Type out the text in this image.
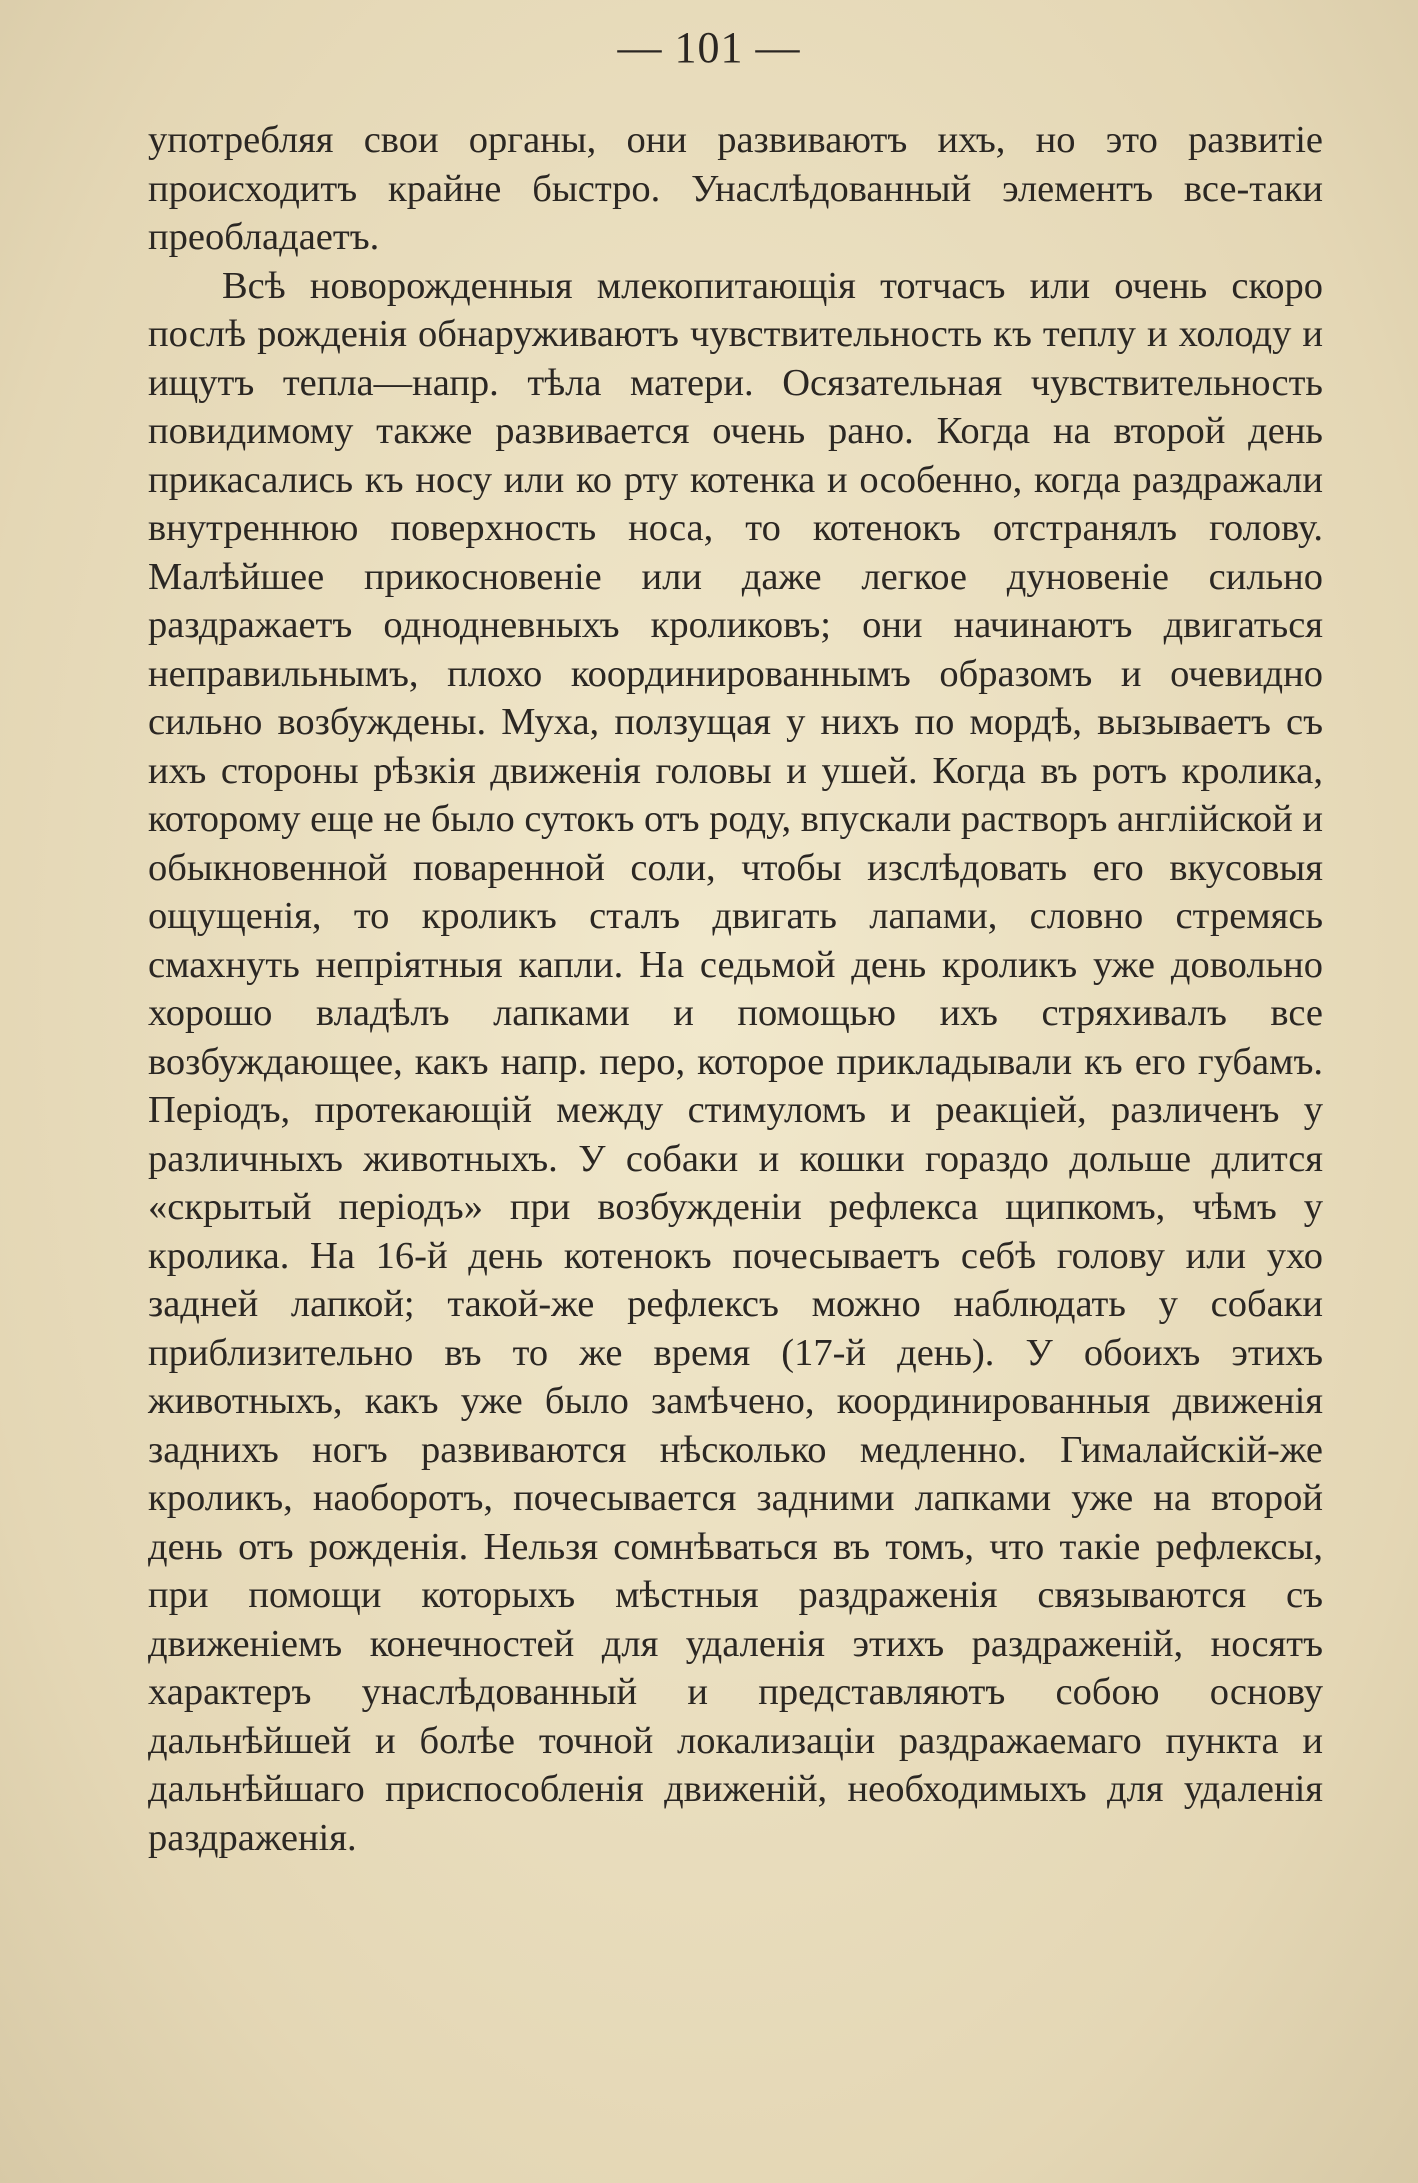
— 101 —

употребляя свои органы, они развиваютъ ихъ, но это развитіе происходитъ крайне быстро. Унаслѣдованный элементъ все-таки преобладаетъ.

Всѣ новорожденныя млекопитающія тотчасъ или очень скоро послѣ рожденія обнаруживаютъ чувствительность къ теплу и холоду и ищутъ тепла—напр. тѣла матери. Осязательная чувствительность повидимому также развивается очень рано. Когда на второй день прикасались къ носу или ко рту котенка и особенно, когда раздражали внутреннюю поверхность носа, то котенокъ отстранялъ голову. Малѣйшее прикосновеніе или даже легкое дуновеніе сильно раздражаетъ однодневныхъ кроликовъ; они начинаютъ двигаться неправильнымъ, плохо координированнымъ образомъ и очевидно сильно возбуждены. Муха, ползущая у нихъ по мордѣ, вызываетъ съ ихъ стороны рѣзкія движенія головы и ушей. Когда въ ротъ кролика, которому еще не было сутокъ отъ роду, впускали растворъ англійской и обыкновенной поваренной соли, чтобы изслѣдовать его вкусовыя ощущенія, то кроликъ сталъ двигать лапами, словно стремясь смахнуть непріятныя капли. На седьмой день кроликъ уже довольно хорошо владѣлъ лапками и помощью ихъ стряхивалъ все возбуждающее, какъ напр. перо, которое прикладывали къ его губамъ. Періодъ, протекающій между стимуломъ и реакціей, различенъ у различныхъ животныхъ. У собаки и кошки гораздо дольше длится «скрытый періодъ» при возбужденіи рефлекса щипкомъ, чѣмъ у кролика. На 16-й день котенокъ почесываетъ себѣ голову или ухо задней лапкой; такой-же рефлексъ можно наблюдать у собаки приблизительно въ то же время (17-й день). У обоихъ этихъ животныхъ, какъ уже было замѣчено, координированныя движенія заднихъ ногъ развиваются нѣсколько медленно. Гималайскій-же кроликъ, наоборотъ, почесывается задними лапками уже на второй день отъ рожденія. Нельзя сомнѣваться въ томъ, что такіе рефлексы, при помощи которыхъ мѣстныя раздраженія связываются съ движеніемъ конечностей для удаленія этихъ раздраженій, носятъ характеръ унаслѣдованный и представляютъ собою основу дальнѣйшей и болѣе точной локализаціи раздражаемаго пункта и дальнѣйшаго приспособленія движеній, необходимыхъ для удаленія раздраженія.
